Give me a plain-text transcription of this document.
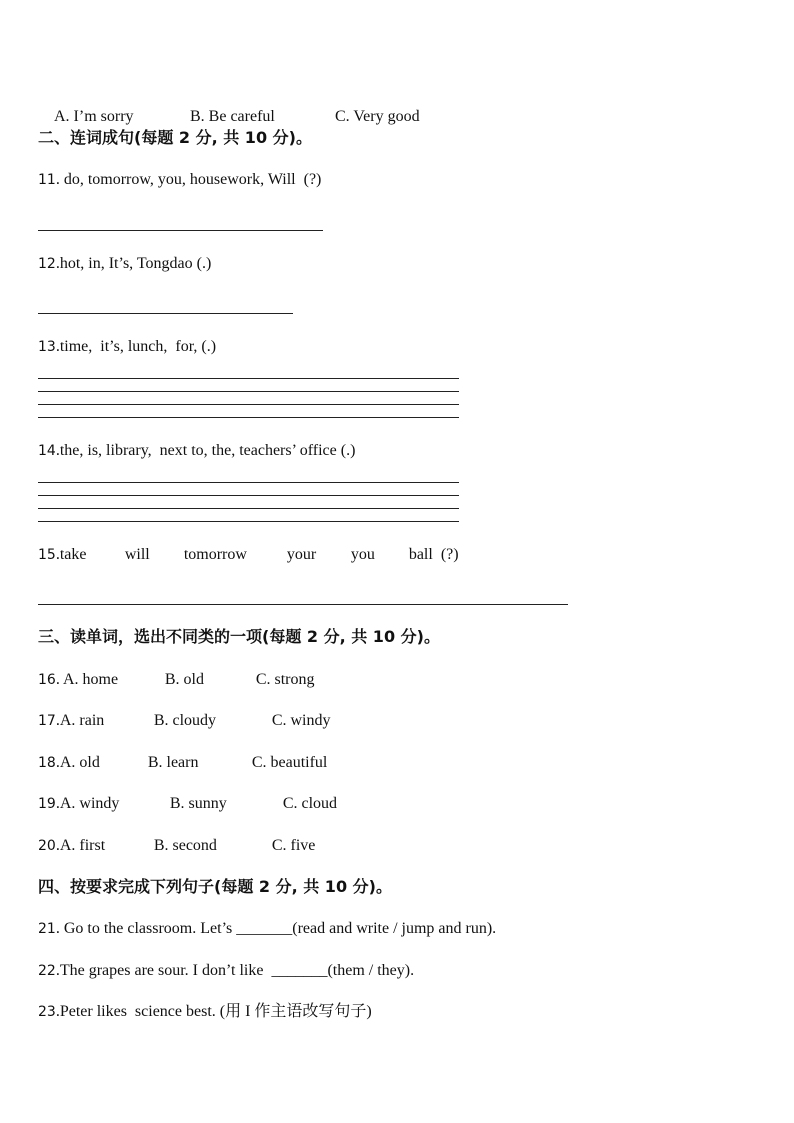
A. I’m sorry	B. Be careful	C. Very good

二、连词成句(每题 2 分, 共 10 分)。
11. do, tomorrow, you, housework, Will  (?)
12.hot, in, It’s, Tongdao (.)
13.time,  it’s, lunch,  for, (.)
14.the, is, library,  next to, the, teachers’ office (.)
15.take will tomorrow your you ball  (?)
三、读单词，选出不同类的一项(每题 2 分, 共 10 分)。
16. A. home	B. old	C. strong
17.A. rain	B. cloudy	C. windy
18.A. old	B. learn	C. beautiful
19.A. windy	B. sunny	C. cloud
20.A. first	B. second	C. five
四、按要求完成下列句子(每题 2 分, 共 10 分)。
21. Go to the classroom. Let’s _______(read and write / jump and run).
22.The grapes are sour. I don’t like  _______(them / they).
23.Peter likes  science best. (用 I 作主语改写句子)
